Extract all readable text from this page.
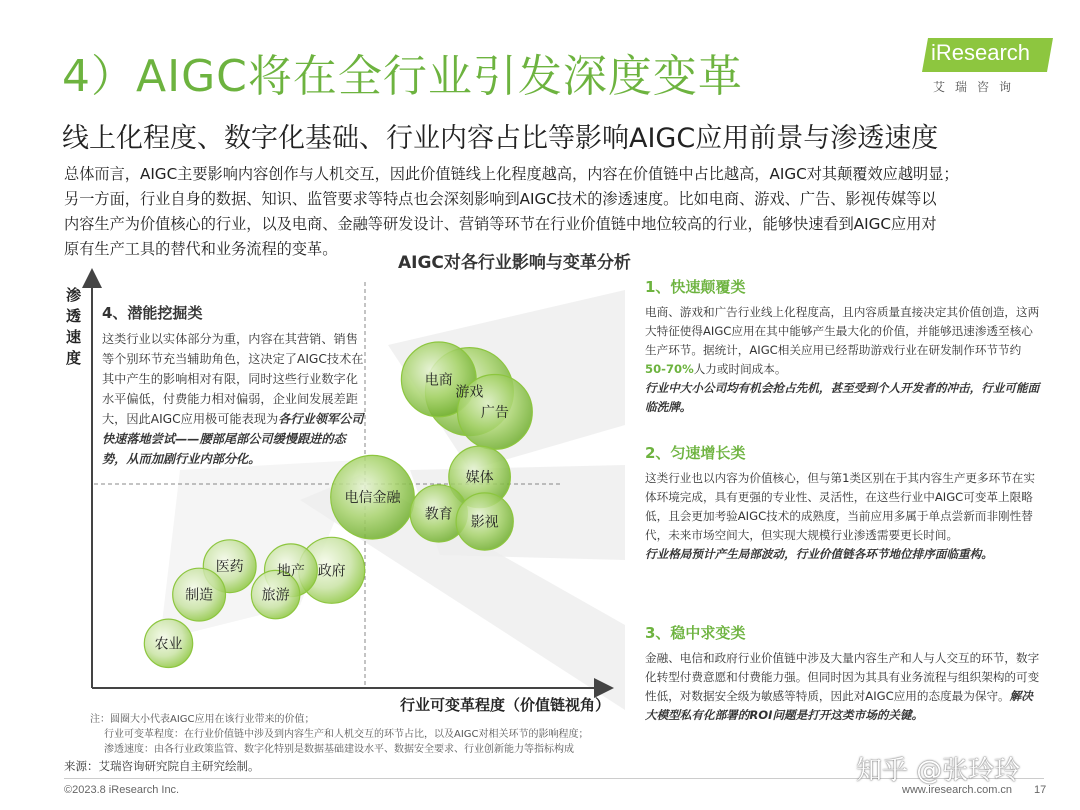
4）AIGC将在全行业引发深度变革
线上化程度、数字化基础、行业内容占比等影响AIGC应用前景与渗透速度
iResearch
艾瑞咨询

总体而言，AIGC主要影响内容创作与人机交互，因此价值链线上化程度越高，内容在价值链中占比越高，AIGC对其颠覆效应越明显；

另一方面，行业自身的数据、知识、监管要求等特点也会深刻影响到AIGC技术的渗透速度。比如电商、游戏、广告、影视传媒等以

内容生产为价值核心的行业，以及电商、金融等研发设计、营销等环节在行业价值链中地位较高的行业，能够快速看到AIGC应用对

原有生产工具的替代和业务流程的变革。

AIGC对各行业影响与变革分析
电商
游戏
广告
媒体
电信金融
教育
影视
政府
地产
医药
旅游
制造
农业
渗透速度
行业可变革程度（价值链视角）
4、潜能挖掘类

这类行业以实体部分为重，内容在其营销、销售等个别环节充当辅助角色，这决定了AIGC技术在其中产生的影响相对有限，同时这些行业数字化水平偏低，付费能力相对偏弱，企业间发展差距大，因此AIGC应用极可能表现为各行业领军公司快速落地尝试——腰部尾部公司缓慢跟进的态势，从而加剧行业内部分化。

1、快速颠覆类

电商、游戏和广告行业线上化程度高，且内容质量直接决定其价值创造，这两大特征使得AIGC应用在其中能够产生最大化的价值，并能够迅速渗透至核心生产环节。据统计，AIGC相关应用已经帮助游戏行业在研发制作环节节约50-70%人力或时间成本。

行业中大小公司均有机会抢占先机，甚至受到个人开发者的冲击，行业可能面临洗牌。

2、匀速增长类

这类行业也以内容为价值核心，但与第1类区别在于其内容生产更多环节在实体环境完成，具有更强的专业性、灵活性，在这些行业中AIGC可变革上限略低，且会更加考验AIGC技术的成熟度，当前应用多属于单点尝新而非刚性替代，未来市场空间大，但实现大规模行业渗透需要更长时间。

行业格局预计产生局部波动，行业价值链各环节地位排序面临重构。

3、稳中求变类

金融、电信和政府行业价值链中涉及大量内容生产和人与人交互的环节，数字化转型付费意愿和付费能力强。但同时因为其具有业务流程与组织架构的可变性低，对数据安全级为敏感等特质，因此对AIGC应用的态度最为保守。解决大模型私有化部署的ROI问题是打开这类市场的关键。

注：圆圈大小代表AIGC应用在该行业带来的价值；

行业可变革程度：在行业价值链中涉及到内容生产和人机交互的环节占比，以及AIGC对相关环节的影响程度；

渗透速度：由各行业政策监管、数字化特别是数据基础建设水平、数据安全要求、行业创新能力等指标构成

来源：艾瑞咨询研究院自主研究绘制。
©2023.8 iResearch Inc.	www.iresearch.com.cn 17
知乎 @张玲玲
